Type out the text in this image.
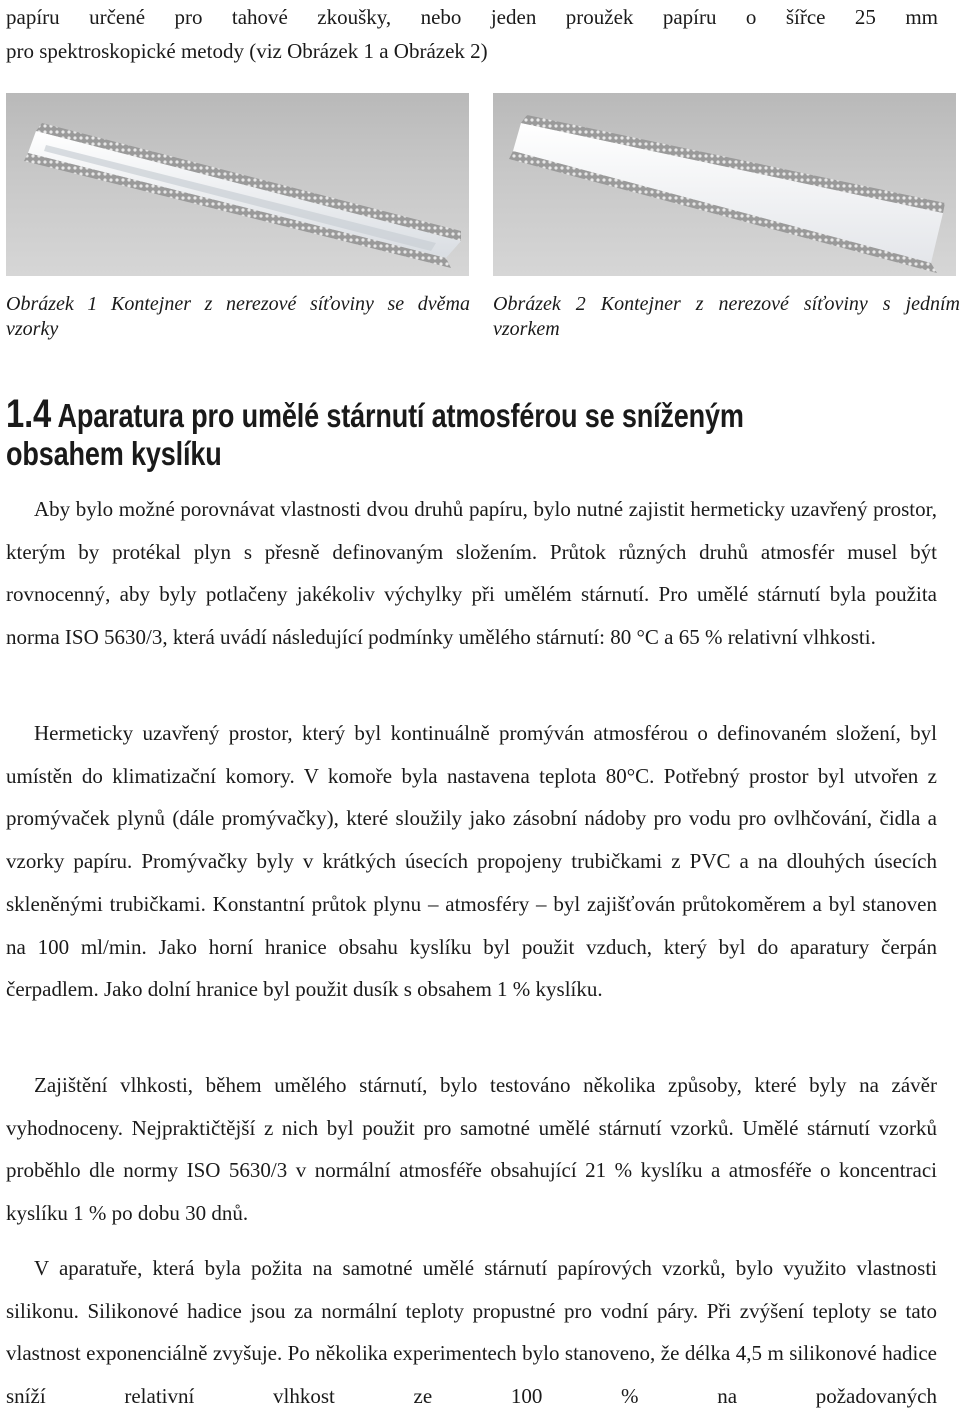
papíru určené pro tahové zkoušky, nebo jeden proužek papíru o šířce 25 mm
pro spektroskopické metody (viz Obrázek 1 a Obrázek 2)
Obrázek 1 Kontejner z nerezové síťoviny se dvěma
vzorky
Obrázek 2 Kontejner z nerezové síťoviny s jedním
vzorkem
1.4 Aparatura pro umělé stárnutí atmosférou se sníženým obsahem kyslíku

Aby bylo možné porovnávat vlastnosti dvou druhů papíru, bylo nutné zajistit hermeticky uzavřený prostor, kterým by protékal plyn s přesně definovaným složením. Průtok různých druhů atmosfér musel být rovnocenný, aby byly potlačeny jakékoliv výchylky při umělém stárnutí. Pro umělé stárnutí byla použita norma ISO 5630/3, která uvádí následující podmínky umělého stárnutí: 80 °C a 65 % relativní vlhkosti.

Hermeticky uzavřený prostor, který byl kontinuálně promýván atmosférou o definovaném složení, byl umístěn do klimatizační komory. V komoře byla nastavena teplota 80°C. Potřebný prostor byl utvořen z promývaček plynů (dále promývačky), které sloužily jako zásobní nádoby pro vodu pro ovlhčování, čidla a vzorky papíru. Promývačky byly v krátkých úsecích propojeny trubičkami z PVC a na dlouhých úsecích skleněnými trubičkami. Konstantní průtok plynu – atmosféry – byl zajišťován průtokoměrem a byl stanoven na 100 ml/min. Jako horní hranice obsahu kyslíku byl použit vzduch, který byl do aparatury čerpán čerpadlem. Jako dolní hranice byl použit dusík s obsahem 1 % kyslíku.

Zajištění vlhkosti, během umělého stárnutí, bylo testováno několika způsoby, které byly na závěr vyhodnoceny. Nejpraktičtější z nich byl použit pro samotné umělé stárnutí vzorků. Umělé stárnutí vzorků proběhlo dle normy ISO 5630/3 v normální atmosféře obsahující 21 % kyslíku a atmosféře o koncentraci kyslíku 1 % po dobu 30 dnů.

V aparatuře, která byla požita na samotné umělé stárnutí papírových vzorků, bylo využito vlastnosti silikonu. Silikonové hadice jsou za normální teploty propustné pro vodní páry. Při zvýšení teploty se tato vlastnost exponenciálně zvyšuje. Po několika experimentech bylo stanoveno, že délka 4,5 m silikonové hadice sníží relativní vlhkost ze 100 % na požadovaných
